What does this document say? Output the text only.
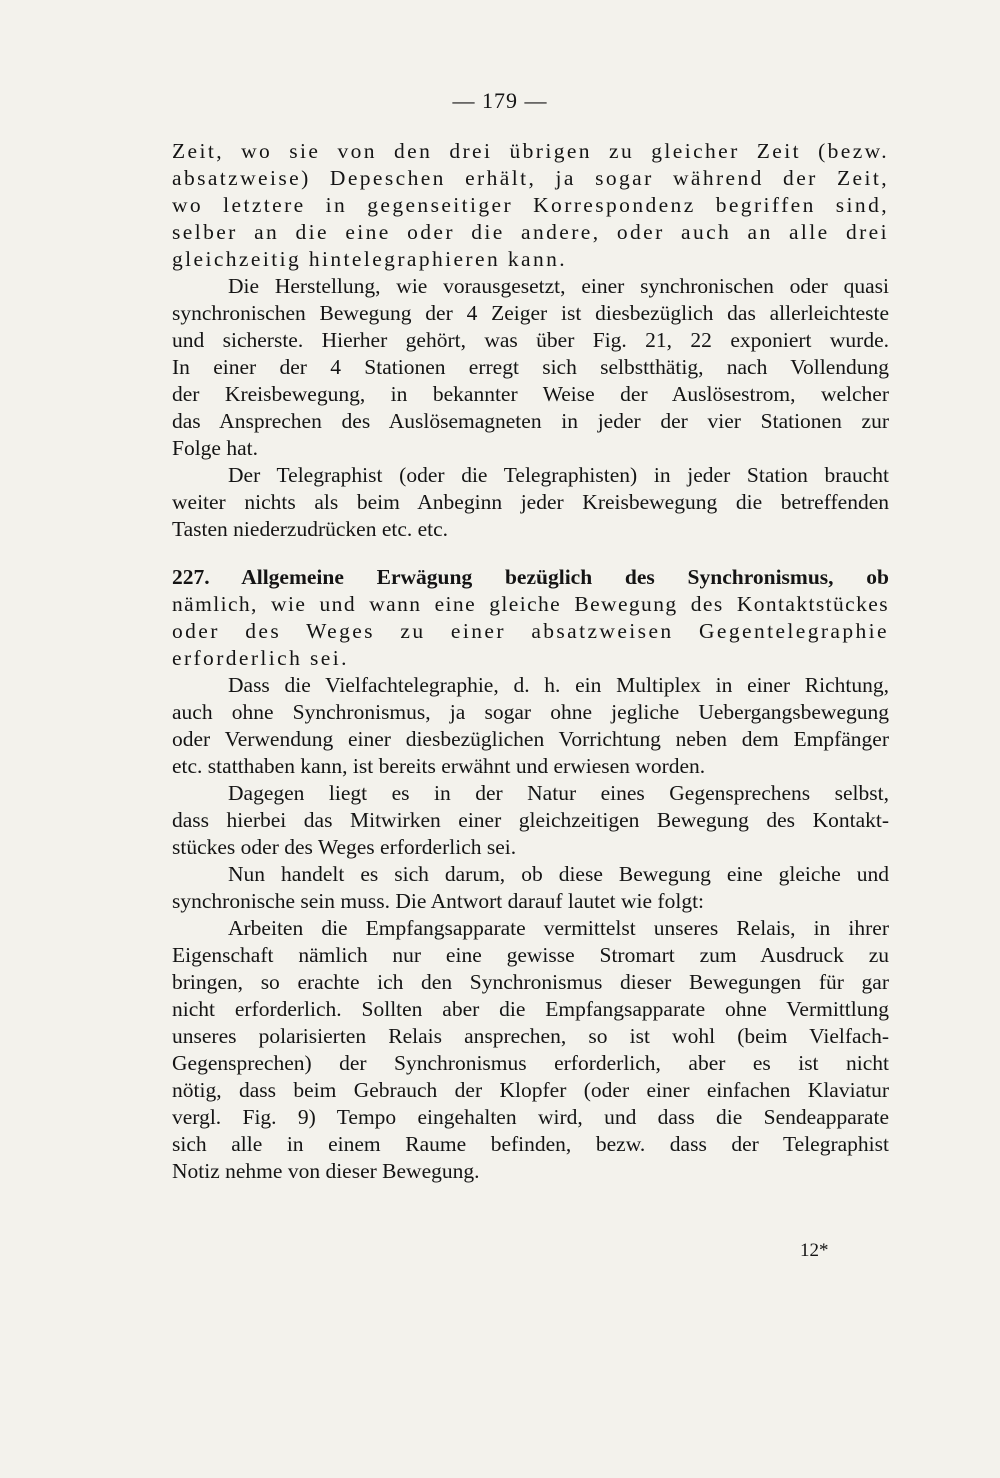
— 179 —
Zeit, wo sie von den drei übrigen zu gleicher Zeit (bezw.
absatzweise) Depeschen erhält, ja sogar während der Zeit,
wo letztere in gegenseitiger Korrespondenz begriffen sind,
selber an die eine oder die andere, oder auch an alle drei
gleichzeitig hintelegraphieren kann.
Die Herstellung, wie vorausgesetzt, einer synchronischen oder quasi
synchronischen Bewegung der 4 Zeiger ist diesbezüglich das allerleichteste
und sicherste. Hierher gehört, was über Fig. 21, 22 exponiert wurde.
In einer der 4 Stationen erregt sich selbstthätig, nach Vollendung
der Kreisbewegung, in bekannter Weise der Auslösestrom, welcher
das Ansprechen des Auslösemagneten in jeder der vier Stationen zur
Folge hat.
Der Telegraphist (oder die Telegraphisten) in jeder Station braucht
weiter nichts als beim Anbeginn jeder Kreisbewegung die betreffenden
Tasten niederzudrücken etc. etc.
227. Allgemeine Erwägung bezüglich des Synchronismus, ob
nämlich, wie und wann eine gleiche Bewegung des Kontaktstückes
oder des Weges zu einer absatzweisen Gegentelegraphie
erforderlich sei.
Dass die Vielfachtelegraphie, d. h. ein Multiplex in einer Richtung,
auch ohne Synchronismus, ja sogar ohne jegliche Uebergangsbewegung
oder Verwendung einer diesbezüglichen Vorrichtung neben dem Empfänger
etc. statthaben kann, ist bereits erwähnt und erwiesen worden.
Dagegen liegt es in der Natur eines Gegensprechens selbst,
dass hierbei das Mitwirken einer gleichzeitigen Bewegung des Kontakt-
stückes oder des Weges erforderlich sei.
Nun handelt es sich darum, ob diese Bewegung eine gleiche und
synchronische sein muss. Die Antwort darauf lautet wie folgt:
Arbeiten die Empfangsapparate vermittelst unseres Relais, in ihrer
Eigenschaft nämlich nur eine gewisse Stromart zum Ausdruck zu
bringen, so erachte ich den Synchronismus dieser Bewegungen für gar
nicht erforderlich. Sollten aber die Empfangsapparate ohne Vermittlung
unseres polarisierten Relais ansprechen, so ist wohl (beim Vielfach-
Gegensprechen) der Synchronismus erforderlich, aber es ist nicht
nötig, dass beim Gebrauch der Klopfer (oder einer einfachen Klaviatur
vergl. Fig. 9) Tempo eingehalten wird, und dass die Sendeapparate
sich alle in einem Raume befinden, bezw. dass der Telegraphist
Notiz nehme von dieser Bewegung.
12*
